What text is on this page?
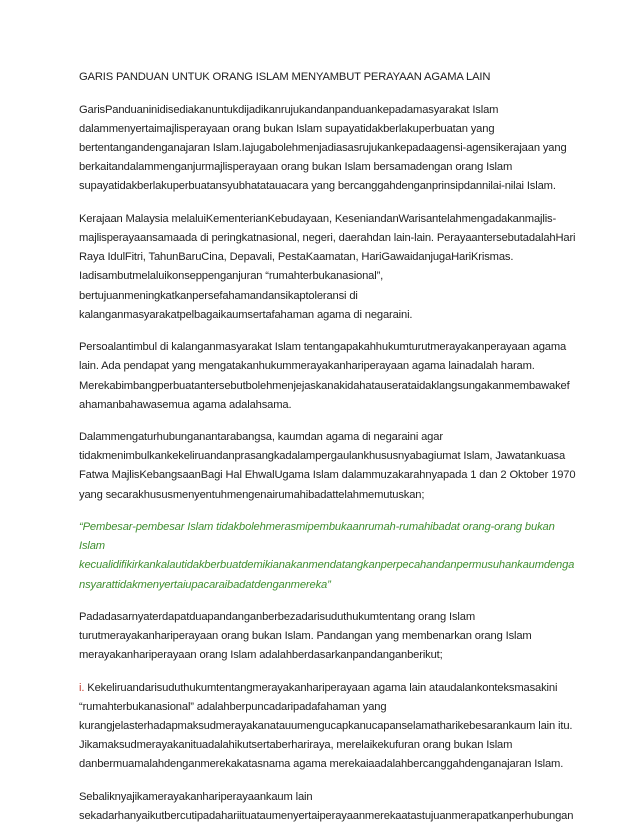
GARIS PANDUAN UNTUK ORANG ISLAM MENYAMBUT PERAYAAN AGAMA LAIN
GarisPanduaninidisediakanuntukdijadikanrujukandanpanduankepadamasyarakat Islam
dalammenyertaimajlisperayaan orang bukan Islam supayatidakberlakuperbuatan yang
bertentangandenganajaran Islam.Iajugabolehmenjadiasasrujukankepadaagensi-agensikerajaan yang
berkaitandalammenganjurmajlisperayaan orang bukan Islam bersamadengan orang Islam
supayatidakberlakuperbuatansyubhatatauacara yang bercanggahdenganprinsipdannilai-nilai Islam.
Kerajaan Malaysia melaluiKementerianKebudayaan, KeseniandanWarisantelahmengadakanmajlis-
majlisperayaansamaada di peringkatnasional, negeri, daerahdan lain-lain. PerayaantersebutadalahHari
Raya IdulFitri, TahunBaruCina, Depavali, PestaKaamatan, HariGawaidanjugaHariKrismas.
Iadisambutmelaluikonseppenganjuran “rumahterbukanasional”,
bertujuanmeningkatkanpersefahamandansikaptoleransi di
kalanganmasyarakatpelbagaikaumsertafahaman agama di negaraini.
Persoalantimbul di kalanganmasyarakat Islam tentangapakahhukumturutmerayakanperayaan agama
lain. Ada pendapat yang mengatakanhukummerayakanhariperayaan agama lainadalah haram.
Merekabimbangperbuatantersebutbolehmenjejaskanakidahatauserataidaklangsungakanmembawakef
ahamanbahawasemua agama adalahsama.
Dalammengaturhubunganantarabangsa, kaumdan agama di negaraini agar
tidakmenimbulkankekeliruandanprasangkadalampergaulankhususnyabagiumat Islam, Jawatankuasa
Fatwa MajlisKebangsaanBagi Hal EhwalUgama Islam dalammuzakarahnyapada 1 dan 2 Oktober 1970
yang secarakhususmenyentuhmengenairumahibadattelahmemutuskan;
“Pembesar-pembesar Islam tidakbolehmerasmipembukaanrumah-rumahibadat orang-orang bukan
Islam
kecualidifikirkankalautidakberbuatdemikianakanmendatangkanperpecahandanpermusuhankaumdenga
nsyarattidakmenyertaiupacaraibadatdenganmereka”
Padadasarnyaterdapatduapandanganberbezadarisuduthukumtentang orang Islam
turutmerayakanhariperayaan orang bukan Islam. Pandangan yang membenarkan orang Islam
merayakanhariperayaan orang Islam adalahberdasarkanpandanganberikut;
i. Kekeliruandarisuduthukumtentangmerayakanhariperayaan agama lain ataudalankonteksmasakini
“rumahterbukanasional” adalahberpuncadaripadafahaman yang
kurangjelasterhadapmaksudmerayakanatauumengucapkanucapanselamatharikebesarankaum lain itu.
Jikamaksudmerayakanituadalahikutsertaberhariraya, merelaikekufuran orang bukan Islam
danbermuamalahdenganmerekakatasnama agama merekaiaadalahbercanggahdenganajaran Islam.
Sebaliknyajikamerayakanhariperayaankaum lain
sekadarhanyaikutbercutipadahariituataumenyertaiperayaanmerekaatastujuanmerapatkanperhubungan
